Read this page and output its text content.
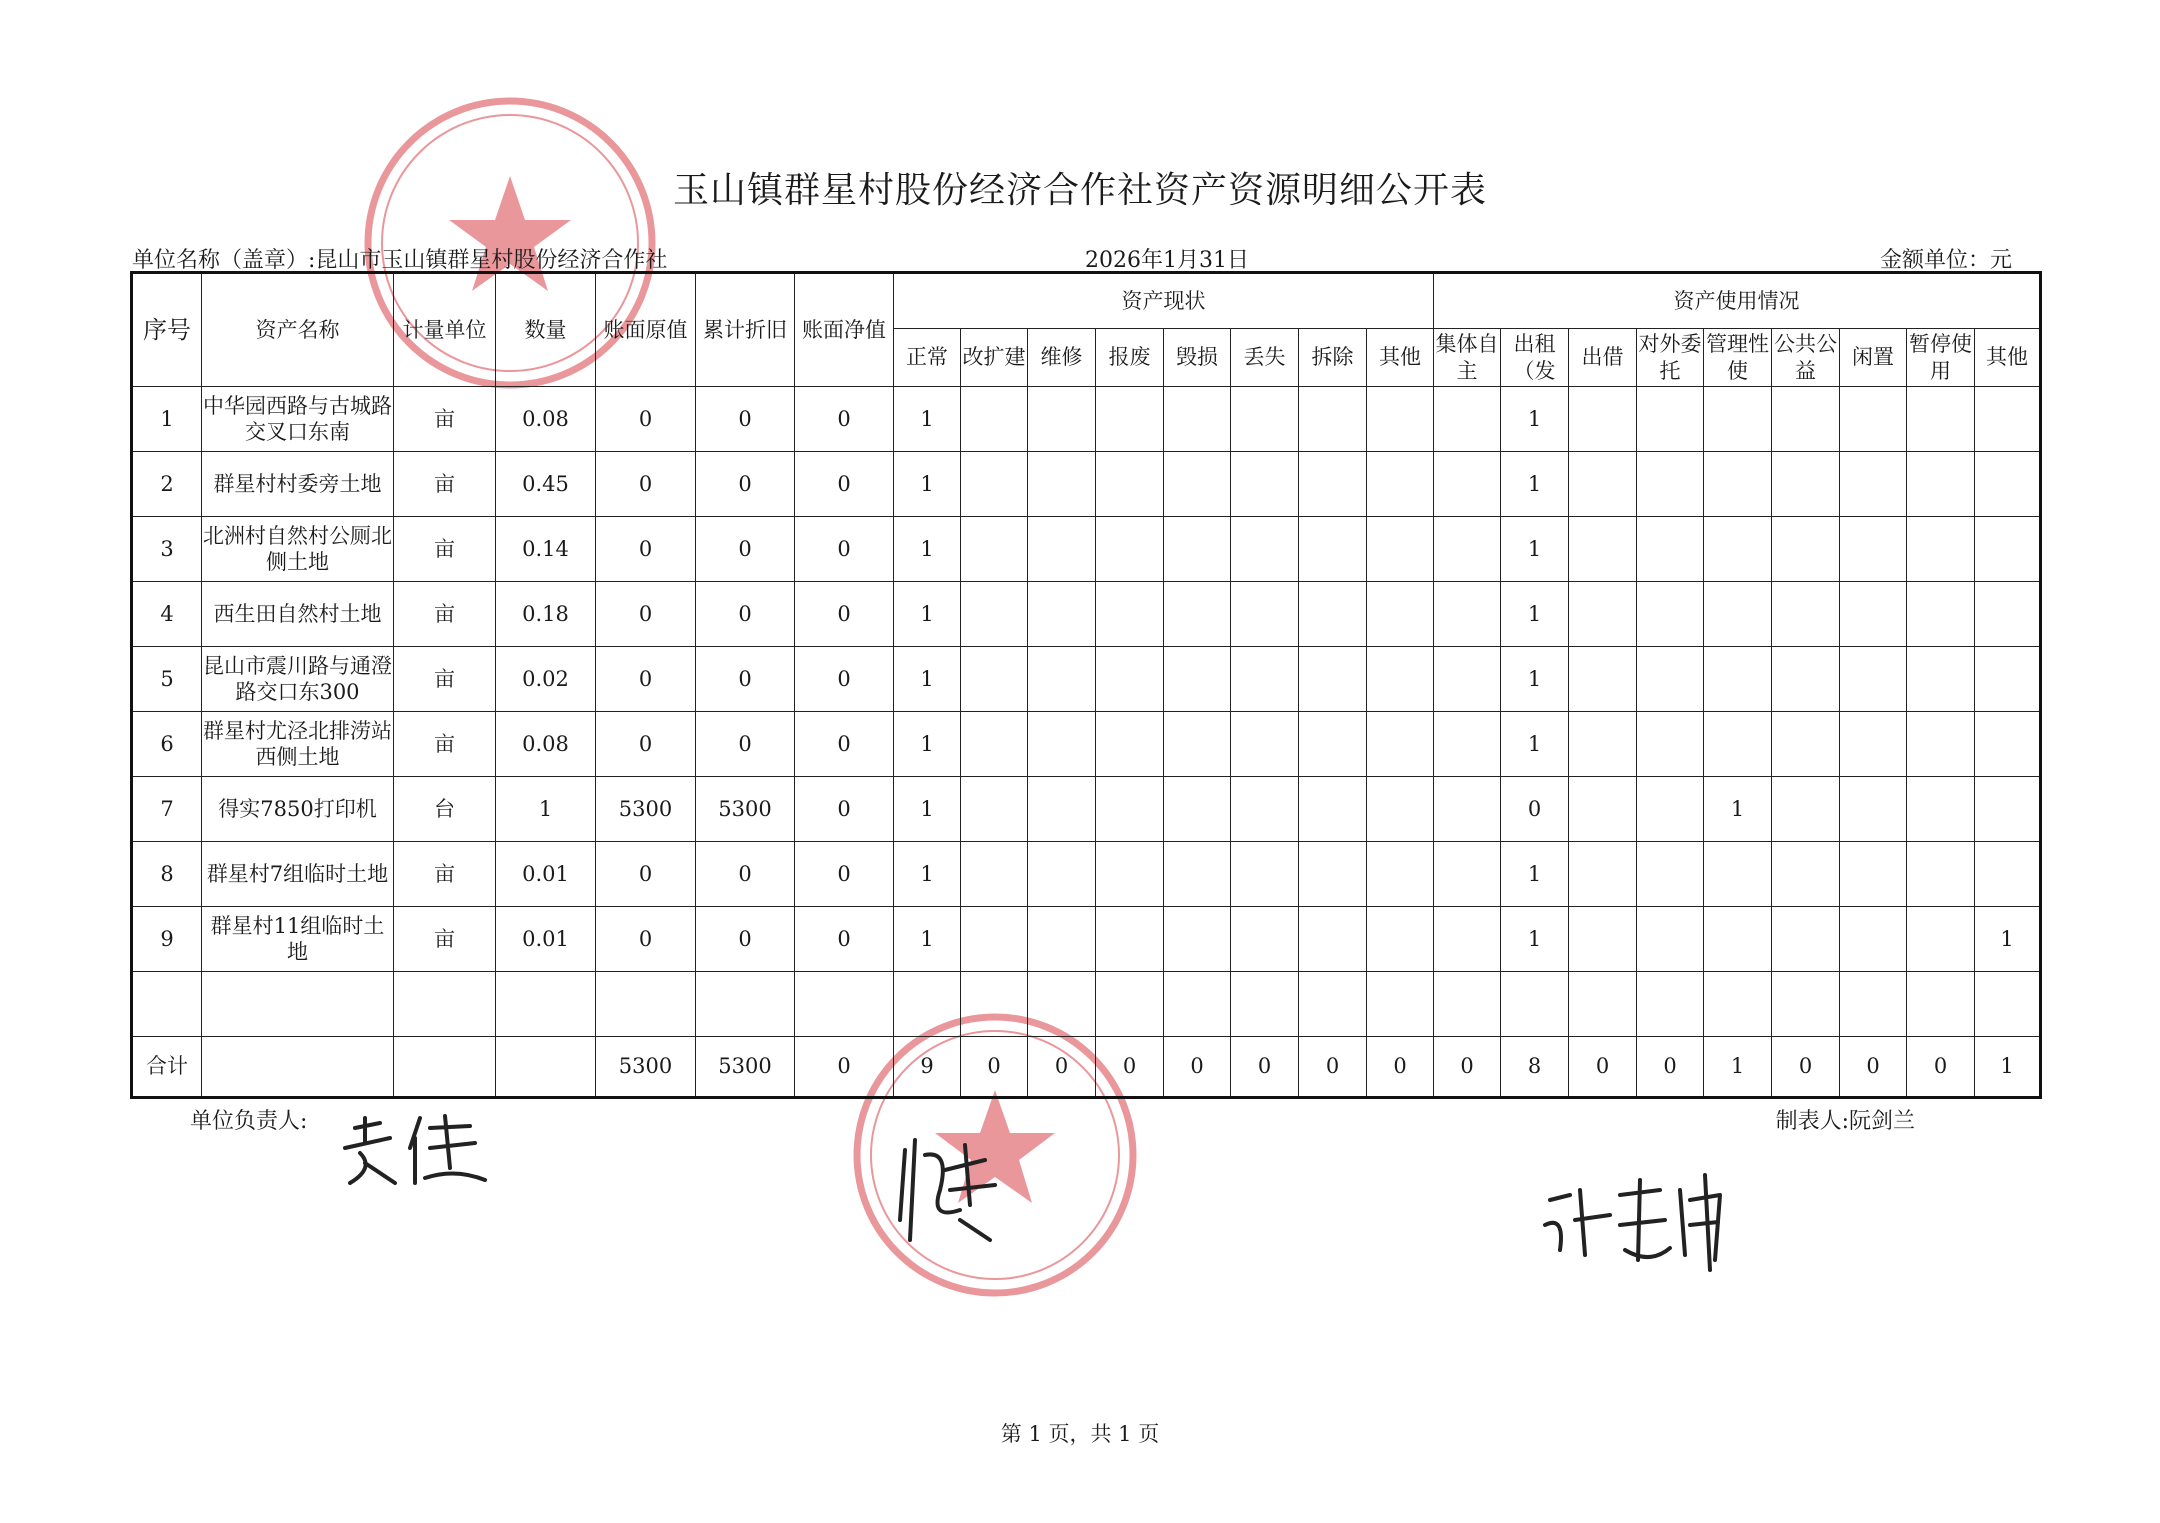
玉山镇群星村股份经济合作社资产资源明细公开表
单位名称（盖章）:昆山市玉山镇群星村股份经济合作社	2026年1月31日	金额单位：元
序号	资产名称	计量单位	数量	账面原值	累计折旧	账面净值	资产现状								资产使用情况								
							正常	改扩建	维修	报废	毁损	丢失	拆除	其他	集体自主	出租（发	出借	对外委托	管理性使	公共公益	闲置	暂停使用	其他
1	中华园西路与古城路交叉口东南	亩	0.08	0	0	0	1									1							
2	群星村村委旁土地	亩	0.45	0	0	0	1									1							
3	北洲村自然村公厕北侧土地	亩	0.14	0	0	0	1									1							
4	西生田自然村土地	亩	0.18	0	0	0	1									1							
5	昆山市震川路与通澄路交口东300	亩	0.02	0	0	0	1									1							
6	群星村尤泾北排涝站西侧土地	亩	0.08	0	0	0	1									1							
7	得实7850打印机	台	1	5300	5300	0	1									0			1				
8	群星村7组临时土地	亩	0.01	0	0	0	1									1							
9	群星村11组临时土地	亩	0.01	0	0	0	1									1							1

合计				5300	5300	0	9	0	0	0	0	0	0	0	0	8	0	0	1	0	0	0	1
单位负责人:	制表人:阮剑兰
第 1 页，共 1 页
